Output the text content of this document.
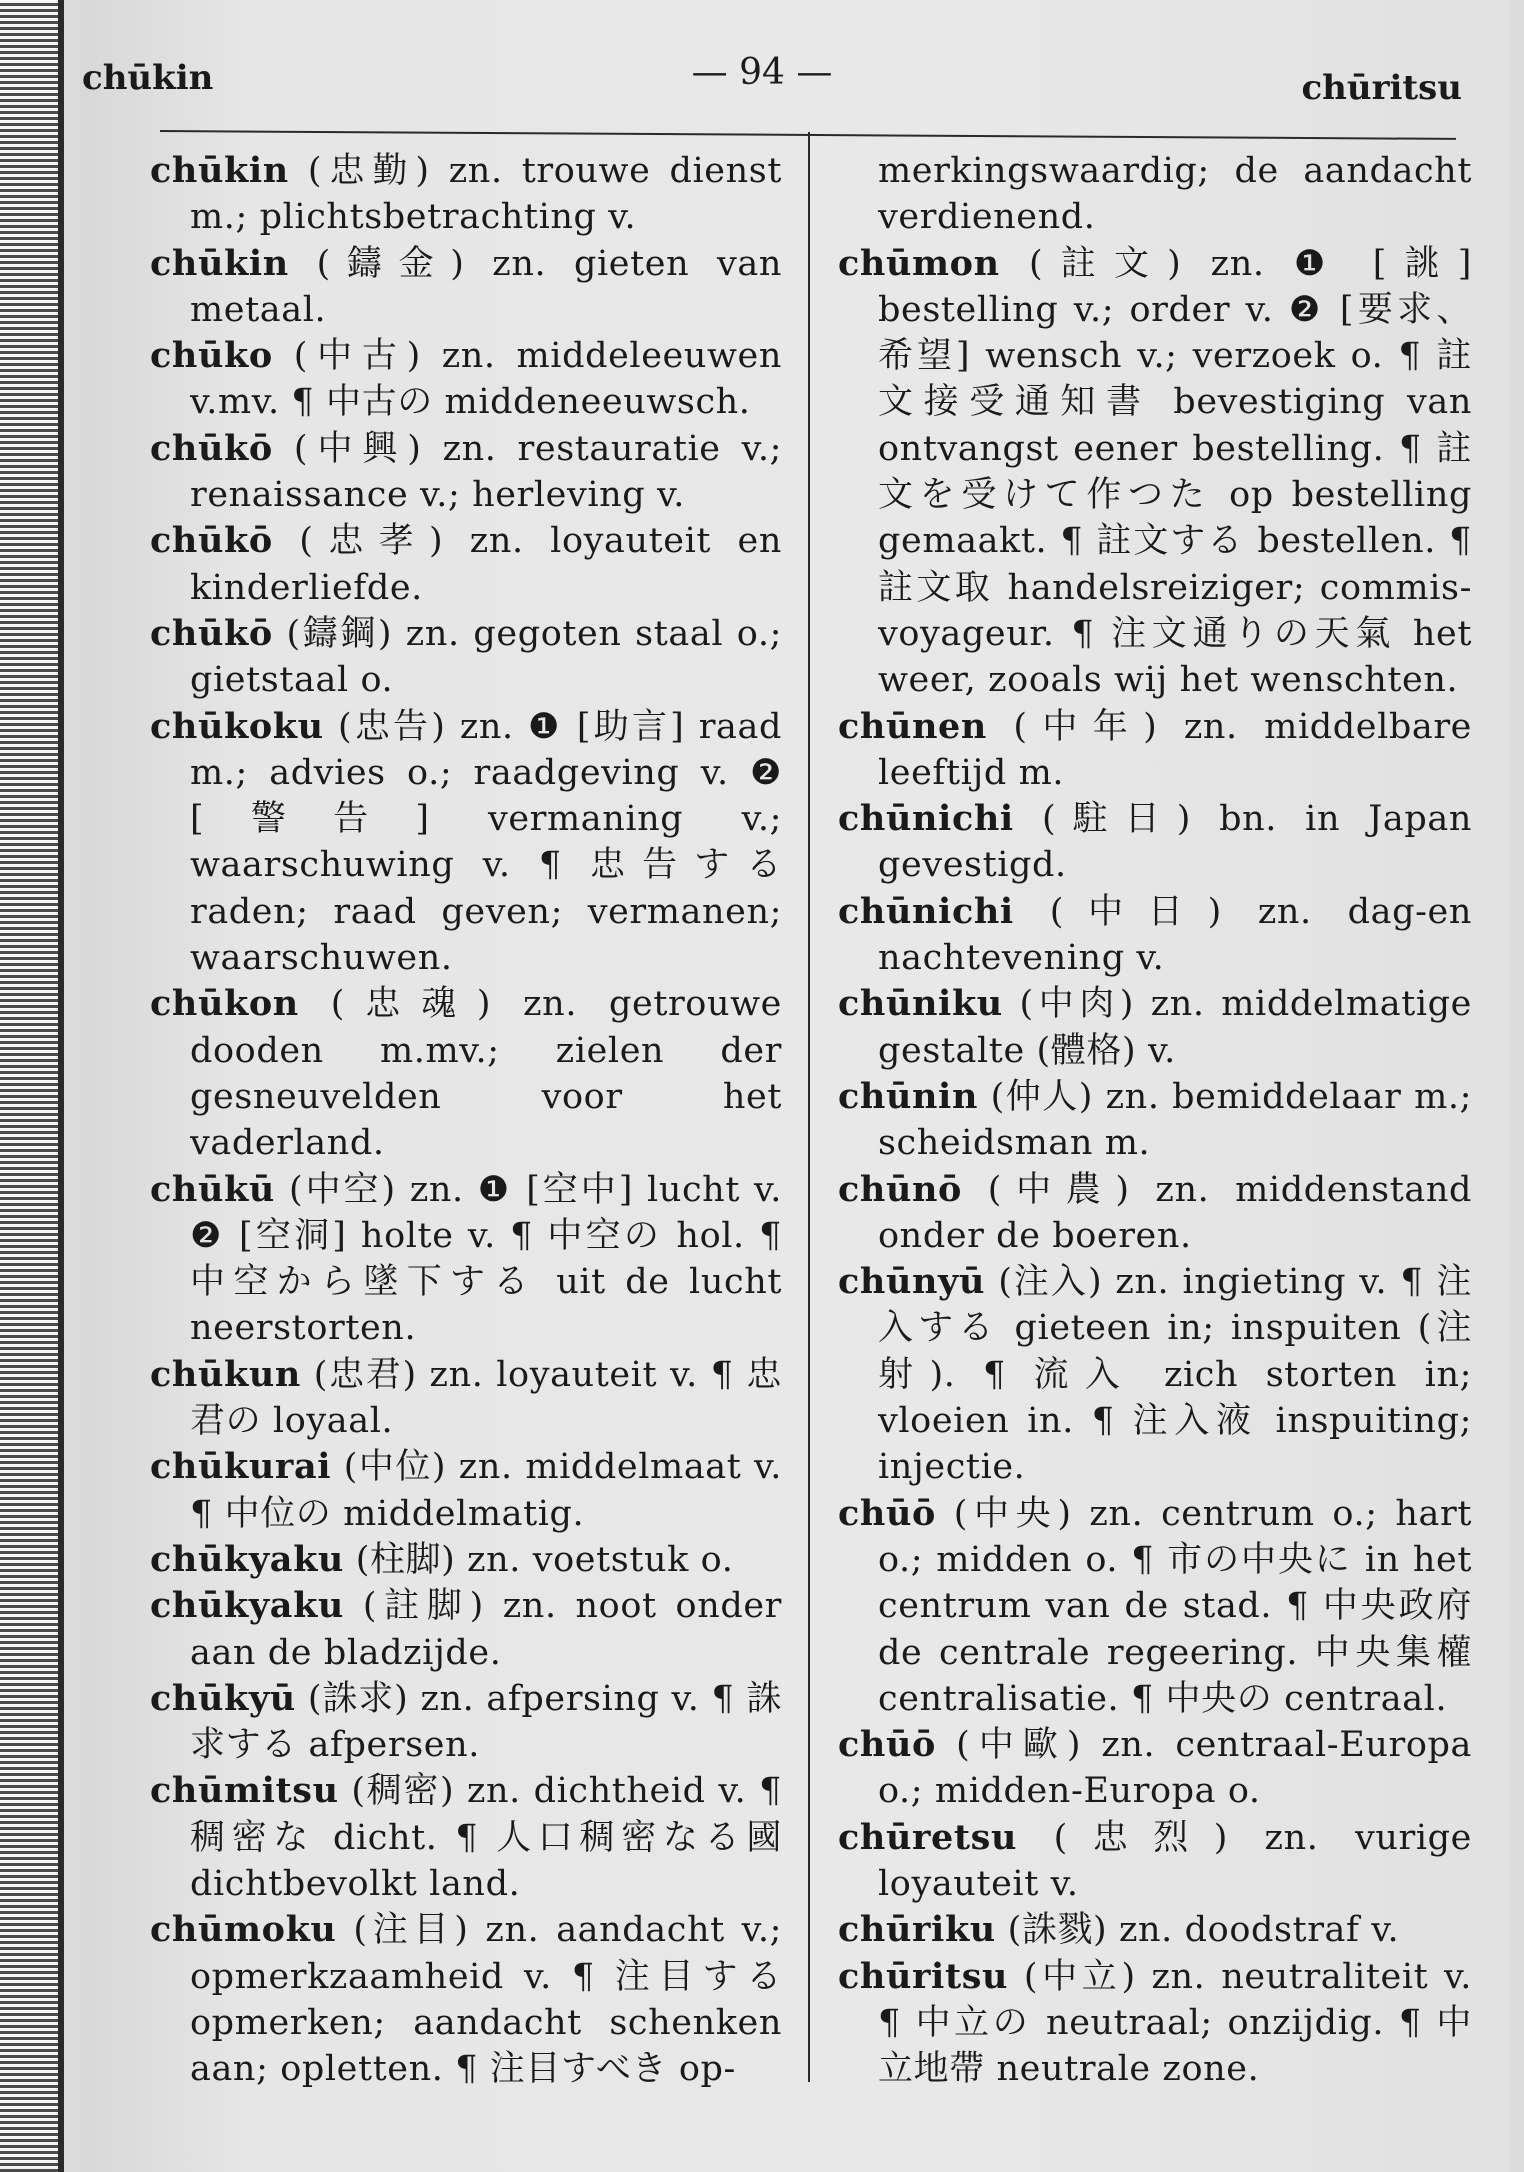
chūkin	— 94 —	chūritsu

chūkin (忠勤) zn. trouwe dienst m.; plichtsbetrachting v.

chūkin (鑄金) zn. gieten van metaal.

chūko (中古) zn. middeleeuwen v.mv. ¶ 中古の middeneeuwsch.

chūkō (中興) zn. restauratie v.; renaissance v.; herleving v.

chūkō (忠孝) zn. loyauteit en kinderliefde.

chūkō (鑄鋼) zn. gegoten staal o.; gietstaal o.

chūkoku (忠告) zn. ❶ [助言] raad m.; advies o.; raadgeving v. ❷ [警告] vermaning v.; waarschuwing v. ¶ 忠告する raden; raad geven; vermanen; waarschuwen.

chūkon (忠魂) zn. getrouwe dooden m.mv.; zielen der gesneuvelden voor het vaderland.

chūkū (中空) zn. ❶ [空中] lucht v. ❷ [空洞] holte v. ¶ 中空の hol. ¶ 中空から墜下する uit de lucht neerstorten.

chūkun (忠君) zn. loyauteit v. ¶ 忠君の loyaal.

chūkurai (中位) zn. middelmaat v. ¶ 中位の middelmatig.

chūkyaku (柱脚) zn. voetstuk o.

chūkyaku (註脚) zn. noot onder aan de bladzijde.

chūkyū (誅求) zn. afpersing v. ¶ 誅求する afpersen.

chūmitsu (稠密) zn. dichtheid v. ¶ 稠密な dicht. ¶ 人口稠密なる國 dichtbevolkt land.

chūmoku (注目) zn. aandacht v.; opmerkzaamheid v. ¶ 注目する opmerken; aandacht schenken aan; opletten. ¶ 注目すべき op-

merkingswaardig; de aandacht verdienend.

chūmon (註文) zn. ❶ [誂] bestelling v.; order v. ❷ [要求、希望] wensch v.; verzoek o. ¶ 註文接受通知書 bevestiging van ontvangst eener bestelling. ¶ 註文を受けて作つた op bestelling gemaakt. ¶ 註文する bestellen. ¶ 註文取 handelsreiziger; commis-voyageur. ¶ 注文通りの天氣 het weer, zooals wij het wenschten.

chūnen (中年) zn. middelbare leeftijd m.

chūnichi (駐日) bn. in Japan gevestigd.

chūnichi (中日) zn. dag-en nachtevening v.

chūniku (中肉) zn. middelmatige gestalte (體格) v.

chūnin (仲人) zn. bemiddelaar m.; scheidsman m.

chūnō (中農) zn. middenstand onder de boeren.

chūnyū (注入) zn. ingieting v. ¶ 注入する gieteen in; inspuiten (注射). ¶ 流入 zich storten in; vloeien in. ¶ 注入液 inspuiting; injectie.

chūō (中央) zn. centrum o.; hart o.; midden o. ¶ 市の中央に in het centrum van de stad. ¶ 中央政府 de centrale regeering. 中央集權 centralisatie. ¶ 中央の centraal.

chūō (中歐) zn. centraal-Europa o.; midden-Europa o.

chūretsu (忠烈) zn. vurige loyauteit v.

chūriku (誅戮) zn. doodstraf v.

chūritsu (中立) zn. neutraliteit v. ¶ 中立の neutraal; onzijdig. ¶ 中立地帶 neutrale zone.
